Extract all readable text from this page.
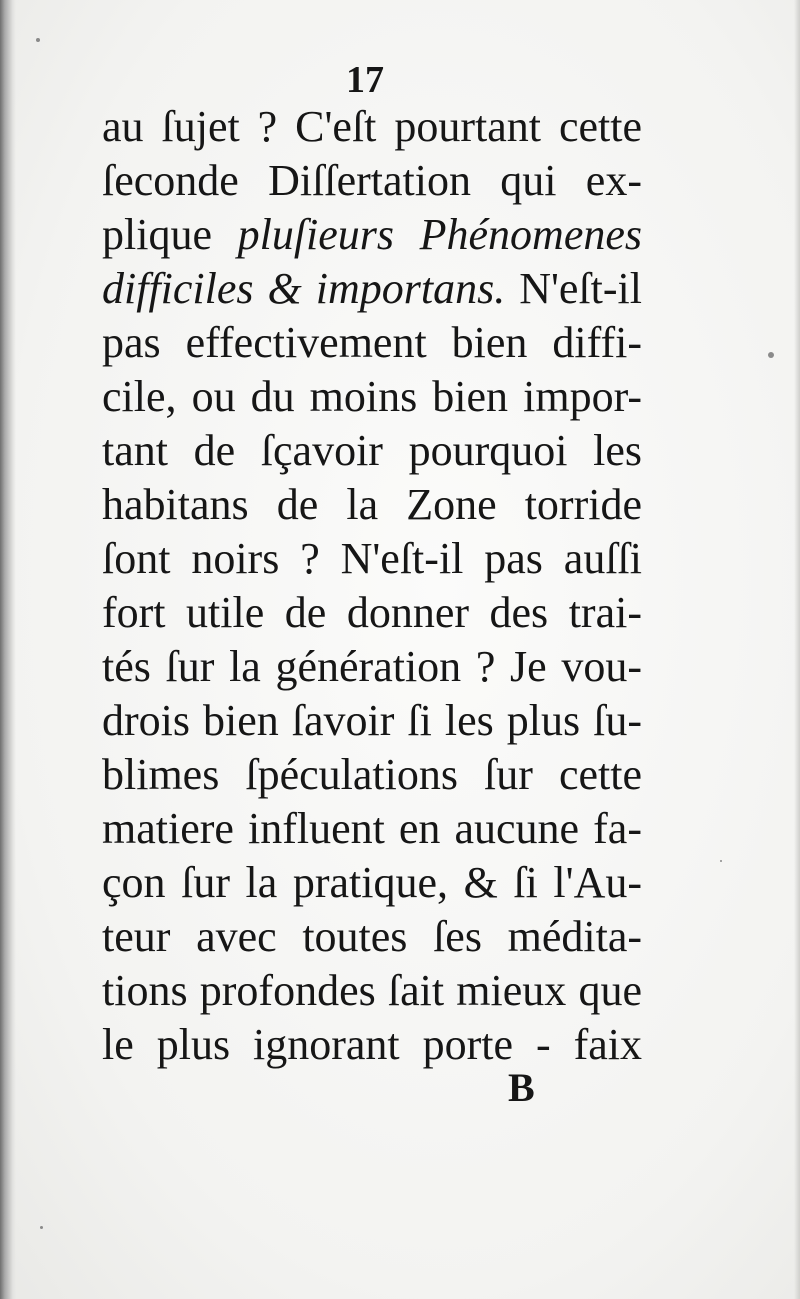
17
au ſujet ? C'eſt pourtant cette
ſeconde Diſſertation qui ex-
plique pluſieurs Phénomenes
difficiles & importans. N'eſt-il
pas effectivement bien diffi-
cile, ou du moins bien impor-
tant de ſçavoir pourquoi les
habitans de la Zone torride
ſont noirs ? N'eſt-il pas auſſi
fort utile de donner des trai-
tés ſur la génération ? Je vou-
drois bien ſavoir ſi les plus ſu-
blimes ſpéculations ſur cette
matiere influent en aucune fa-
çon ſur la pratique, & ſi l'Au-
teur avec toutes ſes médita-
tions profondes ſait mieux que
le plus ignorant porte - faix
B
